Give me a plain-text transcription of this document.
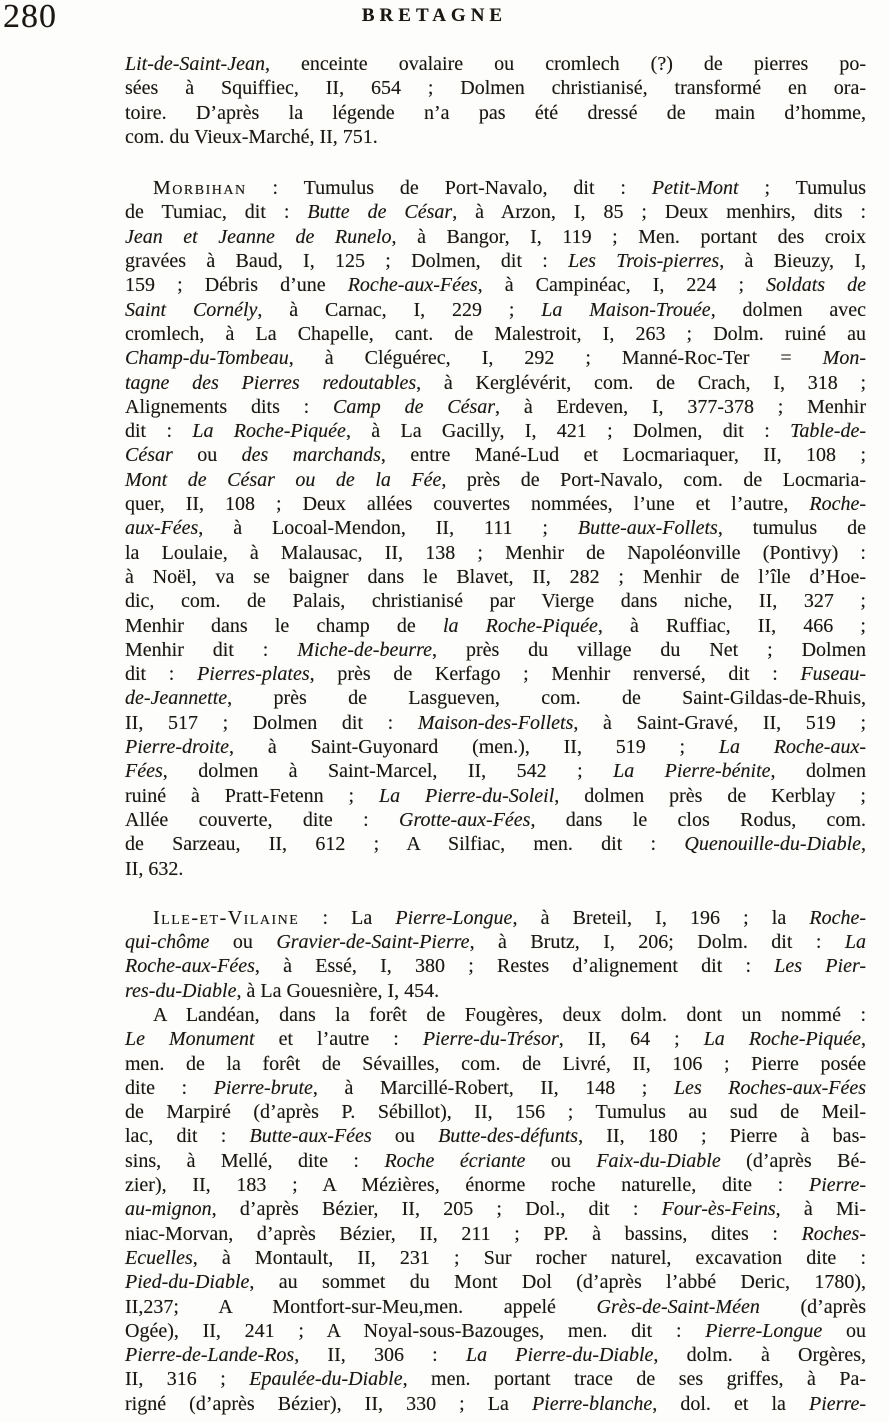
280	BRETAGNE
Lit-de-Saint-Jean, enceinte ovalaire ou cromlech (?) de pierres po-
sées à Squiffiec, II, 654 ; Dolmen christianisé, transformé en ora-
toire. D’après la légende n’a pas été dressé de main d’homme,
com. du Vieux-Marché, II, 751.
Morbihan : Tumulus de Port-Navalo, dit : Petit-Mont ; Tumulus
de Tumiac, dit : Butte de César, à Arzon, I, 85 ; Deux menhirs, dits :
Jean et Jeanne de Runelo, à Bangor, I, 119 ; Men. portant des croix
gravées à Baud, I, 125 ; Dolmen, dit : Les Trois-pierres, à Bieuzy, I,
159 ; Débris d’une Roche-aux-Fées, à Campinéac, I, 224 ; Soldats de
Saint Cornély, à Carnac, I, 229 ; La Maison-Trouée, dolmen avec
cromlech, à La Chapelle, cant. de Malestroit, I, 263 ; Dolm. ruiné au
Champ-du-Tombeau, à Cléguérec, I, 292 ; Manné-Roc-Ter = Mon-
tagne des Pierres redoutables, à Kerglévérit, com. de Crach, I, 318 ;
Alignements dits : Camp de César, à Erdeven, I, 377-378 ; Menhir
dit : La Roche-Piquée, à La Gacilly, I, 421 ; Dolmen, dit : Table-de-
César ou des marchands, entre Mané-Lud et Locmariaquer, II, 108 ;
Mont de César ou de la Fée, près de Port-Navalo, com. de Locmaria-
quer, II, 108 ; Deux allées couvertes nommées, l’une et l’autre, Roche-
aux-Fées, à Locoal-Mendon, II, 111 ; Butte-aux-Follets, tumulus de
la Loulaie, à Malausac, II, 138 ; Menhir de Napoléonville (Pontivy) :
à Noël, va se baigner dans le Blavet, II, 282 ; Menhir de l’île d’Hoe-
dic, com. de Palais, christianisé par Vierge dans niche, II, 327 ;
Menhir dans le champ de la Roche-Piquée, à Ruffiac, II, 466 ;
Menhir dit : Miche-de-beurre, près du village du Net ; Dolmen
dit : Pierres-plates, près de Kerfago ; Menhir renversé, dit : Fuseau-
de-Jeannette, près de Lasgueven, com. de Saint-Gildas-de-Rhuis,
II, 517 ; Dolmen dit : Maison-des-Follets, à Saint-Gravé, II, 519 ;
Pierre-droite, à Saint-Guyonard (men.), II, 519 ; La Roche-aux-
Fées, dolmen à Saint-Marcel, II, 542 ; La Pierre-bénite, dolmen
ruiné à Pratt-Fetenn ; La Pierre-du-Soleil, dolmen près de Kerblay ;
Allée couverte, dite : Grotte-aux-Fées, dans le clos Rodus, com.
de Sarzeau, II, 612 ; A Silfiac, men. dit : Quenouille-du-Diable,
II, 632.
Ille-et-Vilaine : La Pierre-Longue, à Breteil, I, 196 ; la Roche-
qui-chôme ou Gravier-de-Saint-Pierre, à Brutz, I, 206; Dolm. dit : La
Roche-aux-Fées, à Essé, I, 380 ; Restes d’alignement dit : Les Pier-
res-du-Diable, à La Gouesnière, I, 454.
A Landéan, dans la forêt de Fougères, deux dolm. dont un nommé :
Le Monument et l’autre : Pierre-du-Trésor, II, 64 ; La Roche-Piquée,
men. de la forêt de Sévailles, com. de Livré, II, 106 ; Pierre posée
dite : Pierre-brute, à Marcillé-Robert, II, 148 ; Les Roches-aux-Fées
de Marpiré (d’après P. Sébillot), II, 156 ; Tumulus au sud de Meil-
lac, dit : Butte-aux-Fées ou Butte-des-défunts, II, 180 ; Pierre à bas-
sins, à Mellé, dite : Roche écriante ou Faix-du-Diable (d’après Bé-
zier), II, 183 ; A Mézières, énorme roche naturelle, dite : Pierre-
au-mignon, d’après Bézier, II, 205 ; Dol., dit : Four-ès-Feins, à Mi-
niac-Morvan, d’après Bézier, II, 211 ; PP. à bassins, dites : Roches-
Ecuelles, à Montault, II, 231 ; Sur rocher naturel, excavation dite :
Pied-du-Diable, au sommet du Mont Dol (d’après l’abbé Deric, 1780),
II,237; A Montfort-sur-Meu,men. appelé Grès-de-Saint-Méen (d’après
Ogée), II, 241 ; A Noyal-sous-Bazouges, men. dit : Pierre-Longue ou
Pierre-de-Lande-Ros, II, 306 : La Pierre-du-Diable, dolm. à Orgères,
II, 316 ; Epaulée-du-Diable, men. portant trace de ses griffes, à Pa-
rigné (d’après Bézier), II, 330 ; La Pierre-blanche, dol. et la Pierre-
